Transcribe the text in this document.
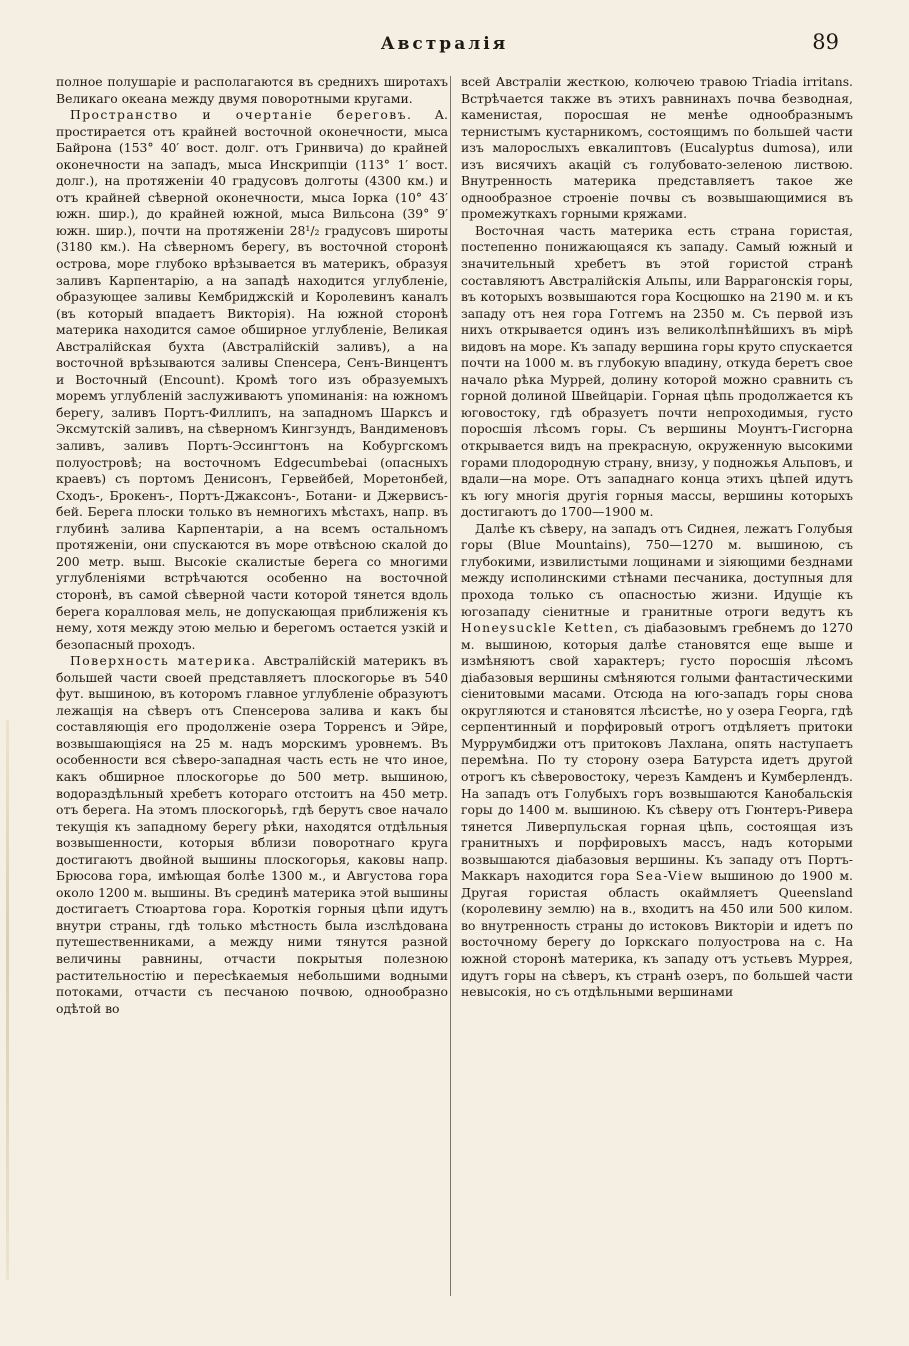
Австралія	89

полное полушаріе и располагаются въ среднихъ широтахъ Великаго океана между двумя поворотными кругами.

Пространство и очертаніе береговъ. А. простирается отъ крайней восточной оконечности, мыса Байрона (153° 40′ вост. долг. отъ Гринвича) до крайней оконечности на западъ, мыса Инскрипціи (113° 1′ вост. долг.), на протяженіи 40 градусовъ долготы (4300 км.) и отъ крайней сѣверной оконечности, мыса Іорка (10° 43′ южн. шир.), до крайней южной, мыса Вильсона (39° 9′ южн. шир.), почти на протяженіи 28¹/₂ градусовъ широты (3180 км.). На сѣверномъ берегу, въ восточной сторонѣ острова, море глубоко врѣзывается въ материкъ, образуя заливъ Карпентарію, а на западѣ находится углубленіе, образующее заливы Кембриджскій и Королевинъ каналъ (въ который впадаетъ Викторія). На южной сторонѣ материка находится самое обширное углубленіе, Великая Австралійская бухта (Австралійскій заливъ), а на восточной врѣзываются заливы Спенсера, Сенъ-Винцентъ и Восточный (Encount). Кромѣ того изъ образуемыхъ моремъ углубленій заслуживаютъ упоминанія: на южномъ берегу, заливъ Портъ-Филлипъ, на западномъ Шарксъ и Эксмутскій заливъ, на сѣверномъ Кингзундъ, Вандименовъ заливъ, заливъ Портъ-Эссингтонъ на Кобургскомъ полуостровѣ; на восточномъ Edgecumbebai (опасныхъ краевъ) съ портомъ Денисонъ, Гервейбей, Моретонбей, Сходъ-, Брокенъ-, Портъ-Джаксонъ-, Ботани- и Джервисъ-бей. Берега плоски только въ немногихъ мѣстахъ, напр. въ глубинѣ залива Карпентаріи, а на всемъ остальномъ протяженіи, они спускаются въ море отвѣсною скалой до 200 метр. выш. Высокіе скалистые берега со многими углубленіями встрѣчаются особенно на восточной сторонѣ, въ самой сѣверной части которой тянется вдоль берега коралловая мель, не допускающая приближенія къ нему, хотя между этою мелью и берегомъ остается узкій и безопасный проходъ.

Поверхность материка. Австралійскій материкъ въ большей части своей представляетъ плоскогорье въ 540 фут. вышиною, въ которомъ главное углубленіе образуютъ лежащія на сѣверъ отъ Спенсерова залива и какъ бы составляющія его продолженіе озера Торренсъ и Эйре, возвышающіяся на 25 м. надъ морскимъ уровнемъ. Въ особенности вся сѣверо-западная часть есть не что иное, какъ обширное плоскогорье до 500 метр. вышиною, водораздѣльный хребетъ котораго отстоитъ на 450 метр. отъ берега. На этомъ плоскогорьѣ, гдѣ берутъ свое начало текущія къ западному берегу рѣки, находятся отдѣльныя возвышенности, которыя вблизи поворотнаго круга достигаютъ двойной вышины плоскогорья, каковы напр. Брюсова гора, имѣющая болѣе 1300 м., и Августова гора около 1200 м. вышины. Въ срединѣ материка этой вышины достигаетъ Стюартова гора. Короткія горныя цѣпи идутъ внутри страны, гдѣ только мѣстность была изслѣдована путешественниками, а между ними тянутся разной величины равнины, отчасти покрытыя полезною растительностію и пересѣкаемыя небольшими водными потоками, отчасти съ песчаною почвою, однообразно одѣтой во

всей Австраліи жесткою, колючею травою Triadia irritans. Встрѣчается также въ этихъ равнинахъ почва безводная, каменистая, поросшая не менѣе однообразнымъ тернистымъ кустарникомъ, состоящимъ по большей части изъ малорослыхъ евкалиптовъ (Eucalyptus dumosa), или изъ висячихъ акацій съ голубовато-зеленою листвою. Внутренность материка представляетъ такое же однообразное строеніе почвы съ возвышающимися въ промежуткахъ горными кряжами.

Восточная часть материка есть страна гористая, постепенно понижающаяся къ западу. Самый южный и значительный хребетъ въ этой гористой странѣ составляютъ Австралійскія Альпы, или Варрагонскія горы, въ которыхъ возвышаются гора Косцюшко на 2190 м. и къ западу отъ нея гора Готгемъ на 2350 м. Съ первой изъ нихъ открывается одинъ изъ великолѣпнѣйшихъ въ мірѣ видовъ на море. Къ западу вершина горы круто спускается почти на 1000 м. въ глубокую впадину, откуда беретъ свое начало рѣка Муррей, долину которой можно сравнить съ горной долиной Швейцаріи. Горная цѣпь продолжается къ юговостоку, гдѣ образуетъ почти непроходимыя, густо поросшія лѣсомъ горы. Съ вершины Моунтъ-Гисгорна открывается видъ на прекрасную, окруженную высокими горами плодородную страну, внизу, у подножья Альповъ, и вдали—на море. Отъ западнаго конца этихъ цѣпей идутъ къ югу многія другія горныя массы, вершины которыхъ достигаютъ до 1700—1900 м.

Далѣе къ сѣверу, на западъ отъ Сиднея, лежатъ Голубыя горы (Blue Mountains), 750—1270 м. вышиною, съ глубокими, извилистыми лощинами и зіяющими безднами между исполинскими стѣнами песчаника, доступныя для прохода только съ опасностью жизни. Идущіе къ югозападу сіенитные и гранитные отроги ведутъ къ Honeysuckle Ketten, съ діабазовымъ гребнемъ до 1270 м. вышиною, которыя далѣе становятся еще выше и измѣняютъ свой характеръ; густо поросшія лѣсомъ діабазовыя вершины смѣняются голыми фантастическими сіенитовыми масами. Отсюда на юго-западъ горы снова округляются и становятся лѣсистѣе, но у озера Георга, гдѣ серпентинный и порфировый отрогъ отдѣляетъ притоки Муррумбиджи отъ притоковъ Лахлана, опять наступаетъ перемѣна. По ту сторону озера Батурста идетъ другой отрогъ къ сѣверовостоку, черезъ Камденъ и Кумберлендъ. На западъ отъ Голубыхъ горъ возвышаются Канобальскія горы до 1400 м. вышиною. Къ сѣверу отъ Гюнтеръ-Ривера тянется Ливерпульская горная цѣпь, состоящая изъ гранитныхъ и порфировыхъ массъ, надъ которыми возвышаются діабазовыя вершины. Къ западу отъ Портъ-Маккаръ находится гора Sea-View вышиною до 1900 м. Другая гористая область окаймляетъ Queensland (королевину землю) на в., входитъ на 450 или 500 килом. во внутренность страны до истоковъ Викторіи и идетъ по восточному берегу до Іоркскаго полуострова на с. На южной сторонѣ материка, къ западу отъ устьевъ Муррея, идутъ горы на сѣверъ, къ странѣ озеръ, по большей части невысокія, но съ отдѣльными вершинами
